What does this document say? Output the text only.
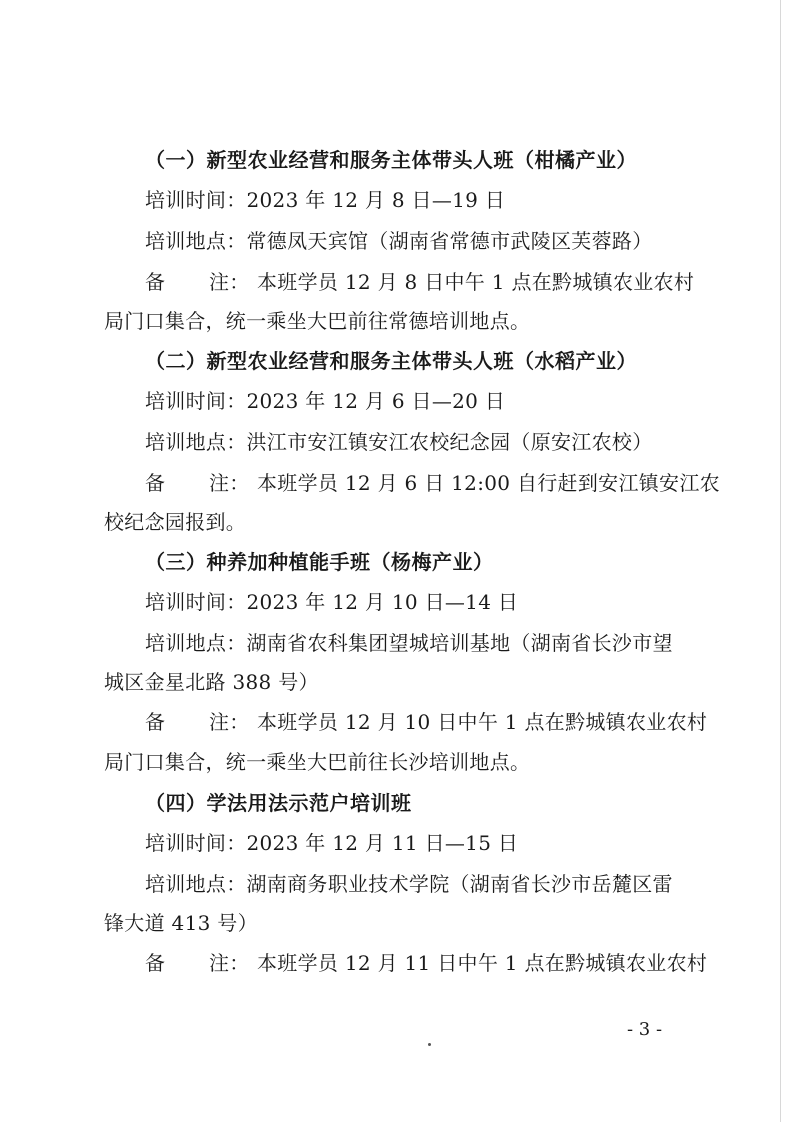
（一）新型农业经营和服务主体带头人班（柑橘产业）
培训时间：2023 年 12 月 8 日—19 日
培训地点：常德凤天宾馆（湖南省常德市武陵区芙蓉路）
备 注： 本班学员 12 月 8 日中午 1 点在黔城镇农业农村
局门口集合，统一乘坐大巴前往常德培训地点。
（二）新型农业经营和服务主体带头人班（水稻产业）
培训时间：2023 年 12 月 6 日—20 日
培训地点：洪江市安江镇安江农校纪念园（原安江农校）
备 注： 本班学员 12 月 6 日 12:00 自行赶到安江镇安江农
校纪念园报到。
（三）种养加种植能手班（杨梅产业）
培训时间：2023 年 12 月 10 日—14 日
培训地点：湖南省农科集团望城培训基地（湖南省长沙市望
城区金星北路 388 号）
备 注： 本班学员 12 月 10 日中午 1 点在黔城镇农业农村
局门口集合，统一乘坐大巴前往长沙培训地点。
（四）学法用法示范户培训班
培训时间：2023 年 12 月 11 日—15 日
培训地点：湖南商务职业技术学院（湖南省长沙市岳麓区雷
锋大道 413 号）
备 注： 本班学员 12 月 11 日中午 1 点在黔城镇农业农村
- 3 -
